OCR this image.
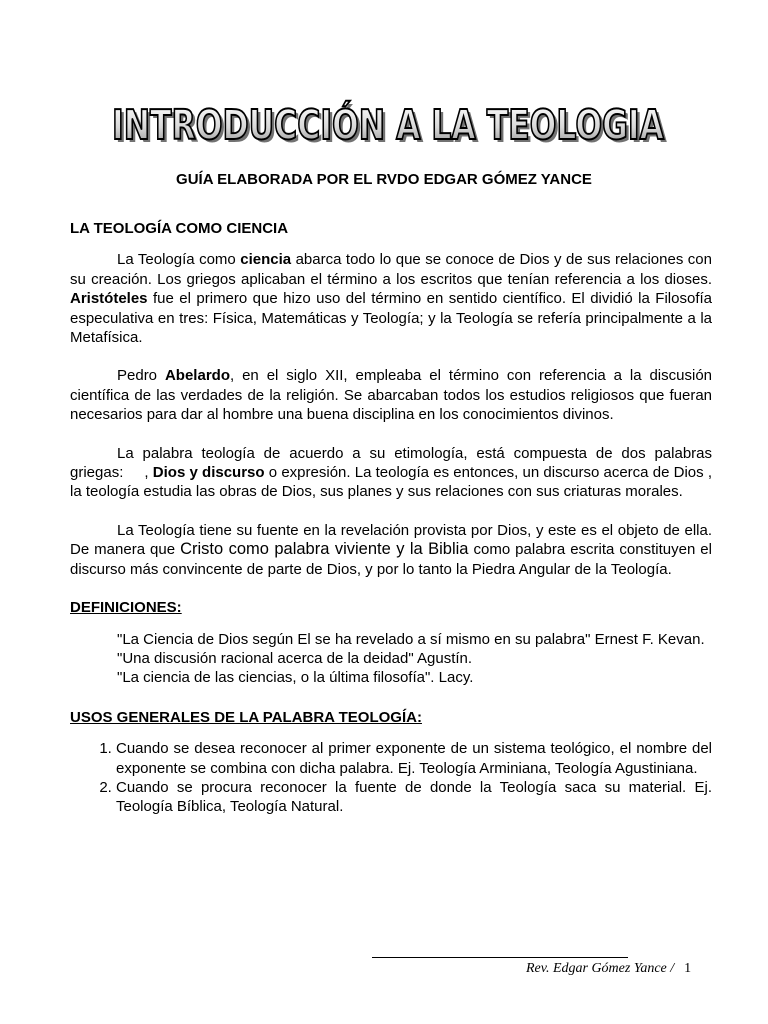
INTRODUCCIÓN A LA TEOLOGIA
INTRODUCCIÓN A LA TEOLOGIA
GUÍA ELABORADA POR EL RVDO EDGAR GÓMEZ YANCE
LA TEOLOGÍA COMO CIENCIA

La Teología como ciencia abarca todo lo que se conoce de Dios y de sus relaciones con su creación. Los griegos aplicaban el término a los escritos que tenían referencia a los dioses. Aristóteles fue el primero que hizo uso del término en sentido científico. El dividió la Filosofía especulativa en tres: Física, Matemáticas y Teología; y la Teología se refería principalmente a la Metafísica.

Pedro Abelardo, en el siglo XII, empleaba el término con referencia a la discusión científica de las verdades de la religión. Se abarcaban todos los estudios religiosos que fueran necesarios para dar al hombre una buena disciplina en los conocimientos divinos.

La palabra teología de acuerdo a su etimología, está compuesta de dos palabras griegas:     , Dios y discurso o expresión. La teología es entonces, un discurso acerca de Dios , la teología estudia las obras de Dios, sus planes y sus relaciones con sus criaturas morales.

La Teología tiene su fuente en la revelación provista por Dios, y este es el objeto de ella. De manera que Cristo como palabra viviente y la Biblia como palabra escrita constituyen el discurso más convincente de parte de Dios, y por lo tanto la Piedra Angular de la Teología.

DEFINICIONES:

"La Ciencia de Dios según El se ha revelado a sí mismo en su palabra" Ernest F. Kevan.

"Una discusión racional acerca de la deidad" Agustín.

"La ciencia de las ciencias, o la última filosofía". Lacy.

USOS GENERALES DE LA PALABRA TEOLOGÍA:
1. Cuando se desea reconocer al primer exponente de un sistema teológico, el nombre del exponente se combina con dicha palabra. Ej. Teología Arminiana, Teología Agustiniana.
2. Cuando se procura reconocer la fuente de donde la Teología saca su material. Ej. Teología Bíblica, Teología Natural.
Rev. Edgar Gómez Yance / 1
